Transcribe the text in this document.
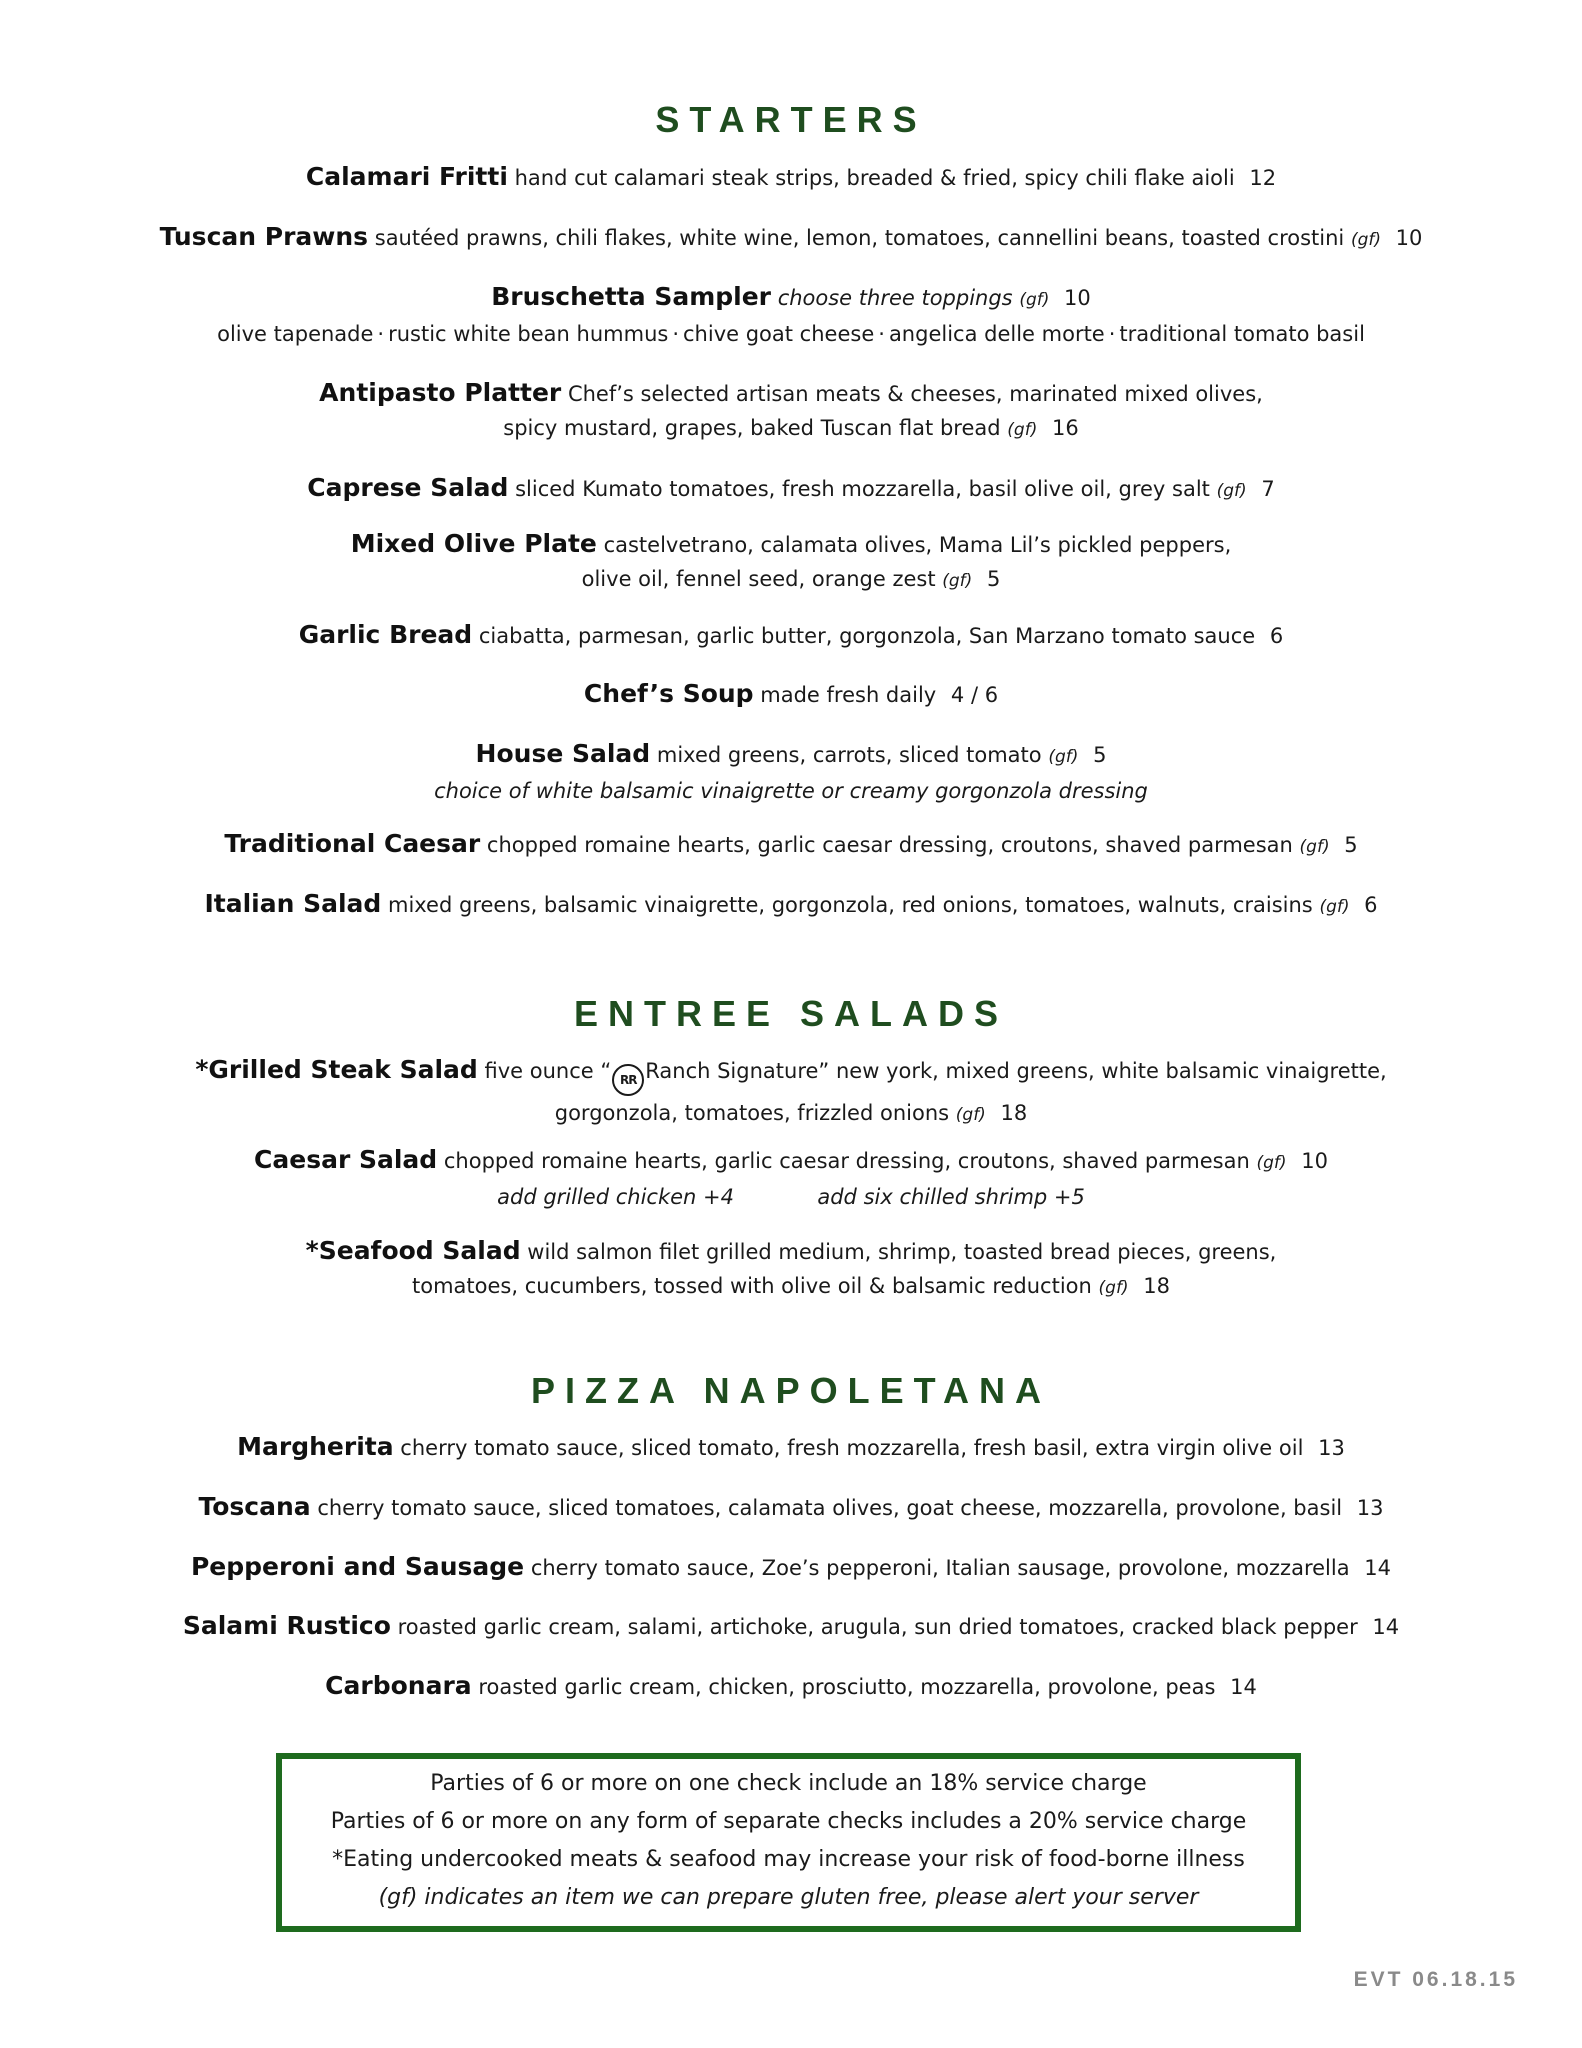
STARTERS
Calamari Fritti hand cut calamari steak strips, breaded & fried, spicy chili flake aioli 12
Tuscan Prawns sautéed prawns, chili flakes, white wine, lemon, tomatoes, cannellini beans, toasted crostini (gf) 10
Bruschetta Sampler choose three toppings (gf) 10
olive tapenade · rustic white bean hummus · chive goat cheese · angelica delle morte · traditional tomato basil
Antipasto Platter Chef’s selected artisan meats & cheeses, marinated mixed olives,
spicy mustard, grapes, baked Tuscan flat bread (gf) 16
Caprese Salad sliced Kumato tomatoes, fresh mozzarella, basil olive oil, grey salt (gf) 7
Mixed Olive Plate castelvetrano, calamata olives, Mama Lil’s pickled peppers,
olive oil, fennel seed, orange zest (gf) 5
Garlic Bread ciabatta, parmesan, garlic butter, gorgonzola, San Marzano tomato sauce 6
Chef’s Soup made fresh daily 4 / 6
House Salad mixed greens, carrots, sliced tomato (gf) 5
choice of white balsamic vinaigrette or creamy gorgonzola dressing
Traditional Caesar chopped romaine hearts, garlic caesar dressing, croutons, shaved parmesan (gf) 5
Italian Salad mixed greens, balsamic vinaigrette, gorgonzola, red onions, tomatoes, walnuts, craisins (gf) 6
ENTREE SALADS
*Grilled Steak Salad five ounce “ RR Ranch Signature” new york, mixed greens, white balsamic vinaigrette,
gorgonzola, tomatoes, frizzled onions (gf) 18
Caesar Salad chopped romaine hearts, garlic caesar dressing, croutons, shaved parmesan (gf) 10
add grilled chicken +4	add six chilled shrimp +5
*Seafood Salad wild salmon filet grilled medium, shrimp, toasted bread pieces, greens,
tomatoes, cucumbers, tossed with olive oil & balsamic reduction (gf) 18
PIZZA NAPOLETANA
Margherita cherry tomato sauce, sliced tomato, fresh mozzarella, fresh basil, extra virgin olive oil 13
Toscana cherry tomato sauce, sliced tomatoes, calamata olives, goat cheese, mozzarella, provolone, basil 13
Pepperoni and Sausage cherry tomato sauce, Zoe’s pepperoni, Italian sausage, provolone, mozzarella 14
Salami Rustico roasted garlic cream, salami, artichoke, arugula, sun dried tomatoes, cracked black pepper 14
Carbonara roasted garlic cream, chicken, prosciutto, mozzarella, provolone, peas 14
Parties of 6 or more on one check include an 18% service charge
Parties of 6 or more on any form of separate checks includes a 20% service charge
*Eating undercooked meats & seafood may increase your risk of food-borne illness
(gf) indicates an item we can prepare gluten free, please alert your server
EVT 06.18.15
